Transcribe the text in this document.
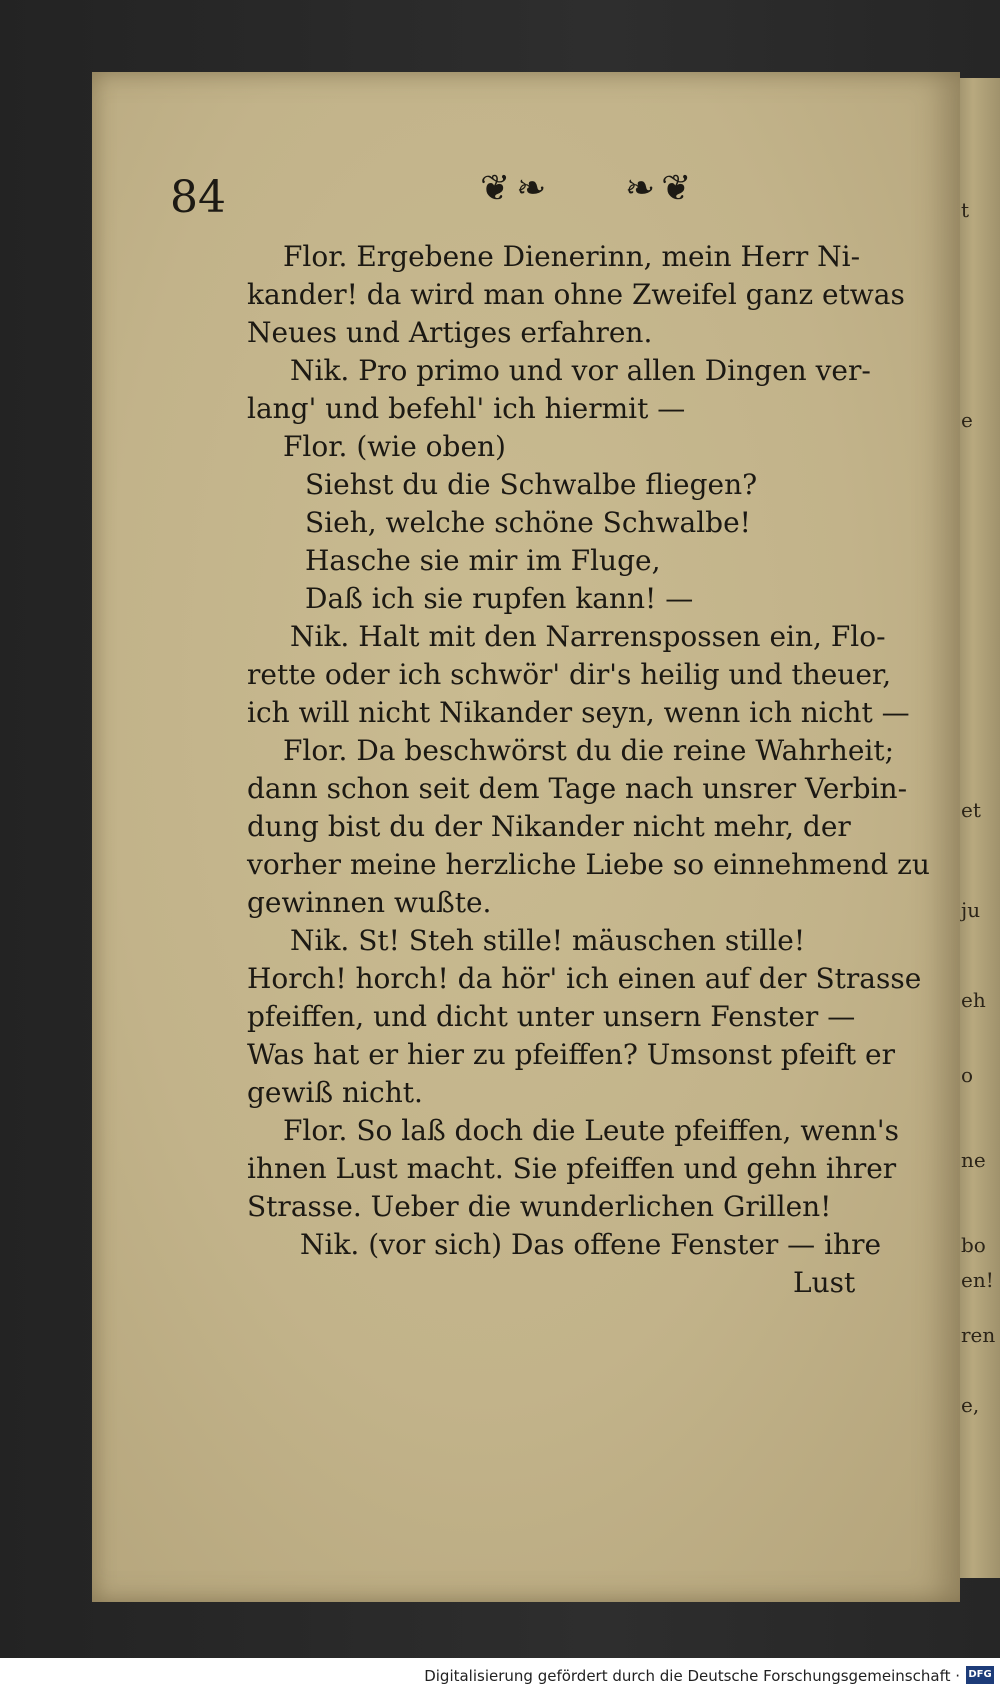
t
e
et
ju
eh
o
ne
bo
en!
ren
e,
84	❦❧ ❧❦
Flor. Ergebene Dienerinn, mein Herr Ni-
kander! da wird man ohne Zweifel ganz etwas
Neues und Artiges erfahren.
Nik. Pro primo und vor allen Dingen ver-
lang' und befehl' ich hiermit —
Flor. (wie oben)
Siehst du die Schwalbe fliegen?
Sieh, welche schöne Schwalbe!
Hasche sie mir im Fluge,
Daß ich sie rupfen kann! —
Nik. Halt mit den Narrenspossen ein, Flo-
rette oder ich schwör' dir's heilig und theuer,
ich will nicht Nikander seyn, wenn ich nicht —
Flor. Da beschwörst du die reine Wahrheit;
dann schon seit dem Tage nach unsrer Verbin-
dung bist du der Nikander nicht mehr, der
vorher meine herzliche Liebe so einnehmend zu
gewinnen wußte.
Nik. St! Steh stille! mäuschen stille!
Horch! horch! da hör' ich einen auf der Strasse
pfeiffen, und dicht unter unsern Fenster —
Was hat er hier zu pfeiffen? Umsonst pfeift er
gewiß nicht.
Flor. So laß doch die Leute pfeiffen, wenn's
ihnen Lust macht. Sie pfeiffen und gehn ihrer
Strasse. Ueber die wunderlichen Grillen!
Nik. (vor sich) Das offene Fenster — ihre
Lust
Digitalisierung gefördert durch die Deutsche Forschungsgemeinschaft · DFG
